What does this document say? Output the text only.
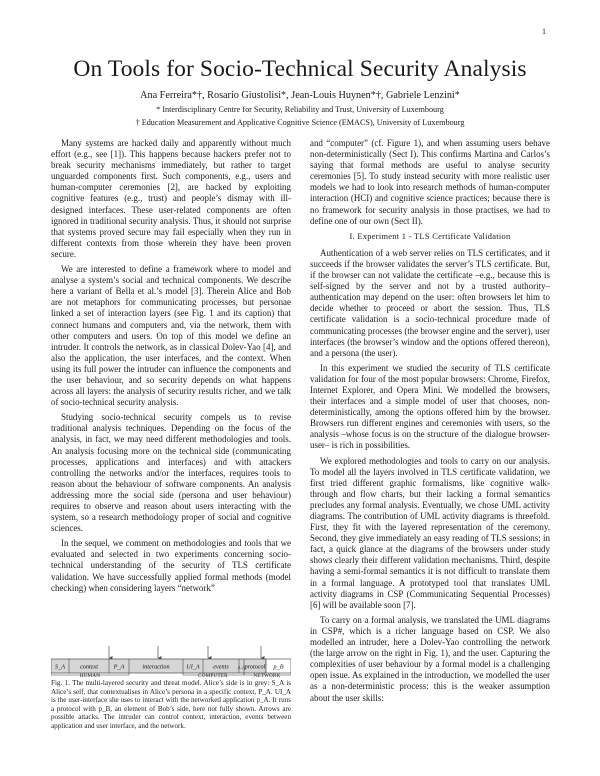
1
On Tools for Socio-Technical Security Analysis
Ana Ferreira*†, Rosario Giustolisi*, Jean-Louis Huynen*†, Gabriele Lenzini*
* Interdisciplinary Centre for Security, Reliability and Trust, University of Luxembourg
† Education Measurement and Applicative Cognitive Science (EMACS), University of Luxembourg

Many systems are hacked daily and apparently without much effort (e.g., see [1]). This happens because hackers prefer not to break security mechanisms immediately, but rather to target unguarded components first. Such components, e.g., users and human-computer ceremonies [2], are hacked by exploiting cognitive features (e.g., trust) and people’s dismay with ill-designed interfaces. These user-related components are often ignored in traditional security analysis. Thus, it should not surprise that systems proved secure may fail especially when they run in different contexts from those wherein they have been proven secure.

We are interested to define a framework where to model and analyse a system’s social and technical components. We describe here a variant of Bella et al.’s model [3]. Therein Alice and Bob are not metaphors for communicating processes, but personae linked a set of interaction layers (see Fig. 1 and its caption) that connect humans and computers and, via the network, them with other computers and users. On top of this model we define an intruder. It controls the network, as in classical Dolev-Yao [4], and also the application, the user interfaces, and the context. When using its full power the intruder can influence the components and the user behaviour, and so security depends on what happens across all layers: the analysis of security results richer, and we talk of socio-technical security analysis.

Studying socio-technical security compels us to revise traditional analysis techniques. Depending on the focus of the analysis, in fact, we may need different methodologies and tools. An analysis focusing more on the technical side (communicating processes, applications and interfaces) and with attackers controlling the networks and/or the interfaces, requires tools to reason about the behaviour of software components. An analysis addressing more the social side (persona and user behaviour) requires to observe and reason about users interacting with the system, so a research methodology proper of social and cognitive sciences.

In the sequel, we comment on methodologies and tools that we evaluated and selected in two experiments concerning socio-technical understanding of the security of TLS certificate validation. We have successfully applied formal methods (model checking) when considering layers “network”

S_A context	P_A	interaction	UI_A events p_A protocol p_B
HUMAN	COMPUTER	NETWORK
Fig. 1. The multi-layered security and threat model. Alice’s side is in grey: S_A is Alice’s self, that contextualises in Alice’s persona in a specific context, P_A. UI_A is the user-interface she uses to interact with the networked application p_A. It runs a protocol with p_B, an element of Bob’s side, here not fully shown. Arrows are possible attacks. The intruder can control context, interaction, events between application and user interface, and the network.

and “computer” (cf. Figure 1), and when assuming users behave non-deterministically (Sect I). This confirms Martina and Carlos’s saying that formal methods are useful to analyse security ceremonies [5]. To study instead security with more realistic user models we had to look into research methods of human-computer interaction (HCI) and cognitive science practices; because there is no framework for security analysis in those practises, we had to define one of our own (Sect II).

I. Experiment 1 - TLS Certificate Validation

Authentication of a web server relies on TLS certificates, and it succeeds if the browser validates the server’s TLS certificate. But, if the browser can not validate the certificate –e.g., because this is self-signed by the server and not by a trusted authority– authentication may depend on the user: often browsers let him to decide whether to proceed or abort the session. Thus, TLS certificate validation is a socio-technical procedure made of communicating processes (the browser engine and the server), user interfaces (the browser’s window and the options offered thereon), and a persona (the user).

In this experiment we studied the security of TLS certificate validation for four of the most popular browsers: Chrome, Firefox, Internet Explorer, and Opera Mini. We modelled the browsers, their interfaces and a simple model of user that chooses, non-deterministically, among the options offered him by the browser. Browsers run different engines and ceremonies with users, so the analysis –whose focus is on the structure of the dialogue browser-user– is rich in possibilities.

We explored methodologies and tools to carry on our analysis. To model all the layers involved in TLS certificate validation, we first tried different graphic formalisms, like cognitive walk-through and flow charts, but their lacking a formal semantics precludes any formal analysis. Eventually, we chose UML activity diagrams. The contribution of UML activity diagrams is threefold. First, they fit with the layered representation of the ceremony. Second, they give immediately an easy reading of TLS sessions; in fact, a quick glance at the diagrams of the browsers under study shows clearly their different validation mechanisms. Third, despite having a semi-formal semantics it is not difficult to translate them in a formal language. A prototyped tool that translates UML activity diagrams in CSP (Communicating Sequential Processes) [6] will be available soon [7].

To carry on a formal analysis, we translated the UML diagrams in CSP#, which is a richer language based on CSP. We also modelled an intruder, here a Dolev-Yao controlling the network (the large arrow on the right in Fig. 1), and the user. Capturing the complexities of user behaviour by a formal model is a challenging open issue. As explained in the introduction, we modelled the user as a non-deterministic process: this is the weaker assumption about the user skills:
